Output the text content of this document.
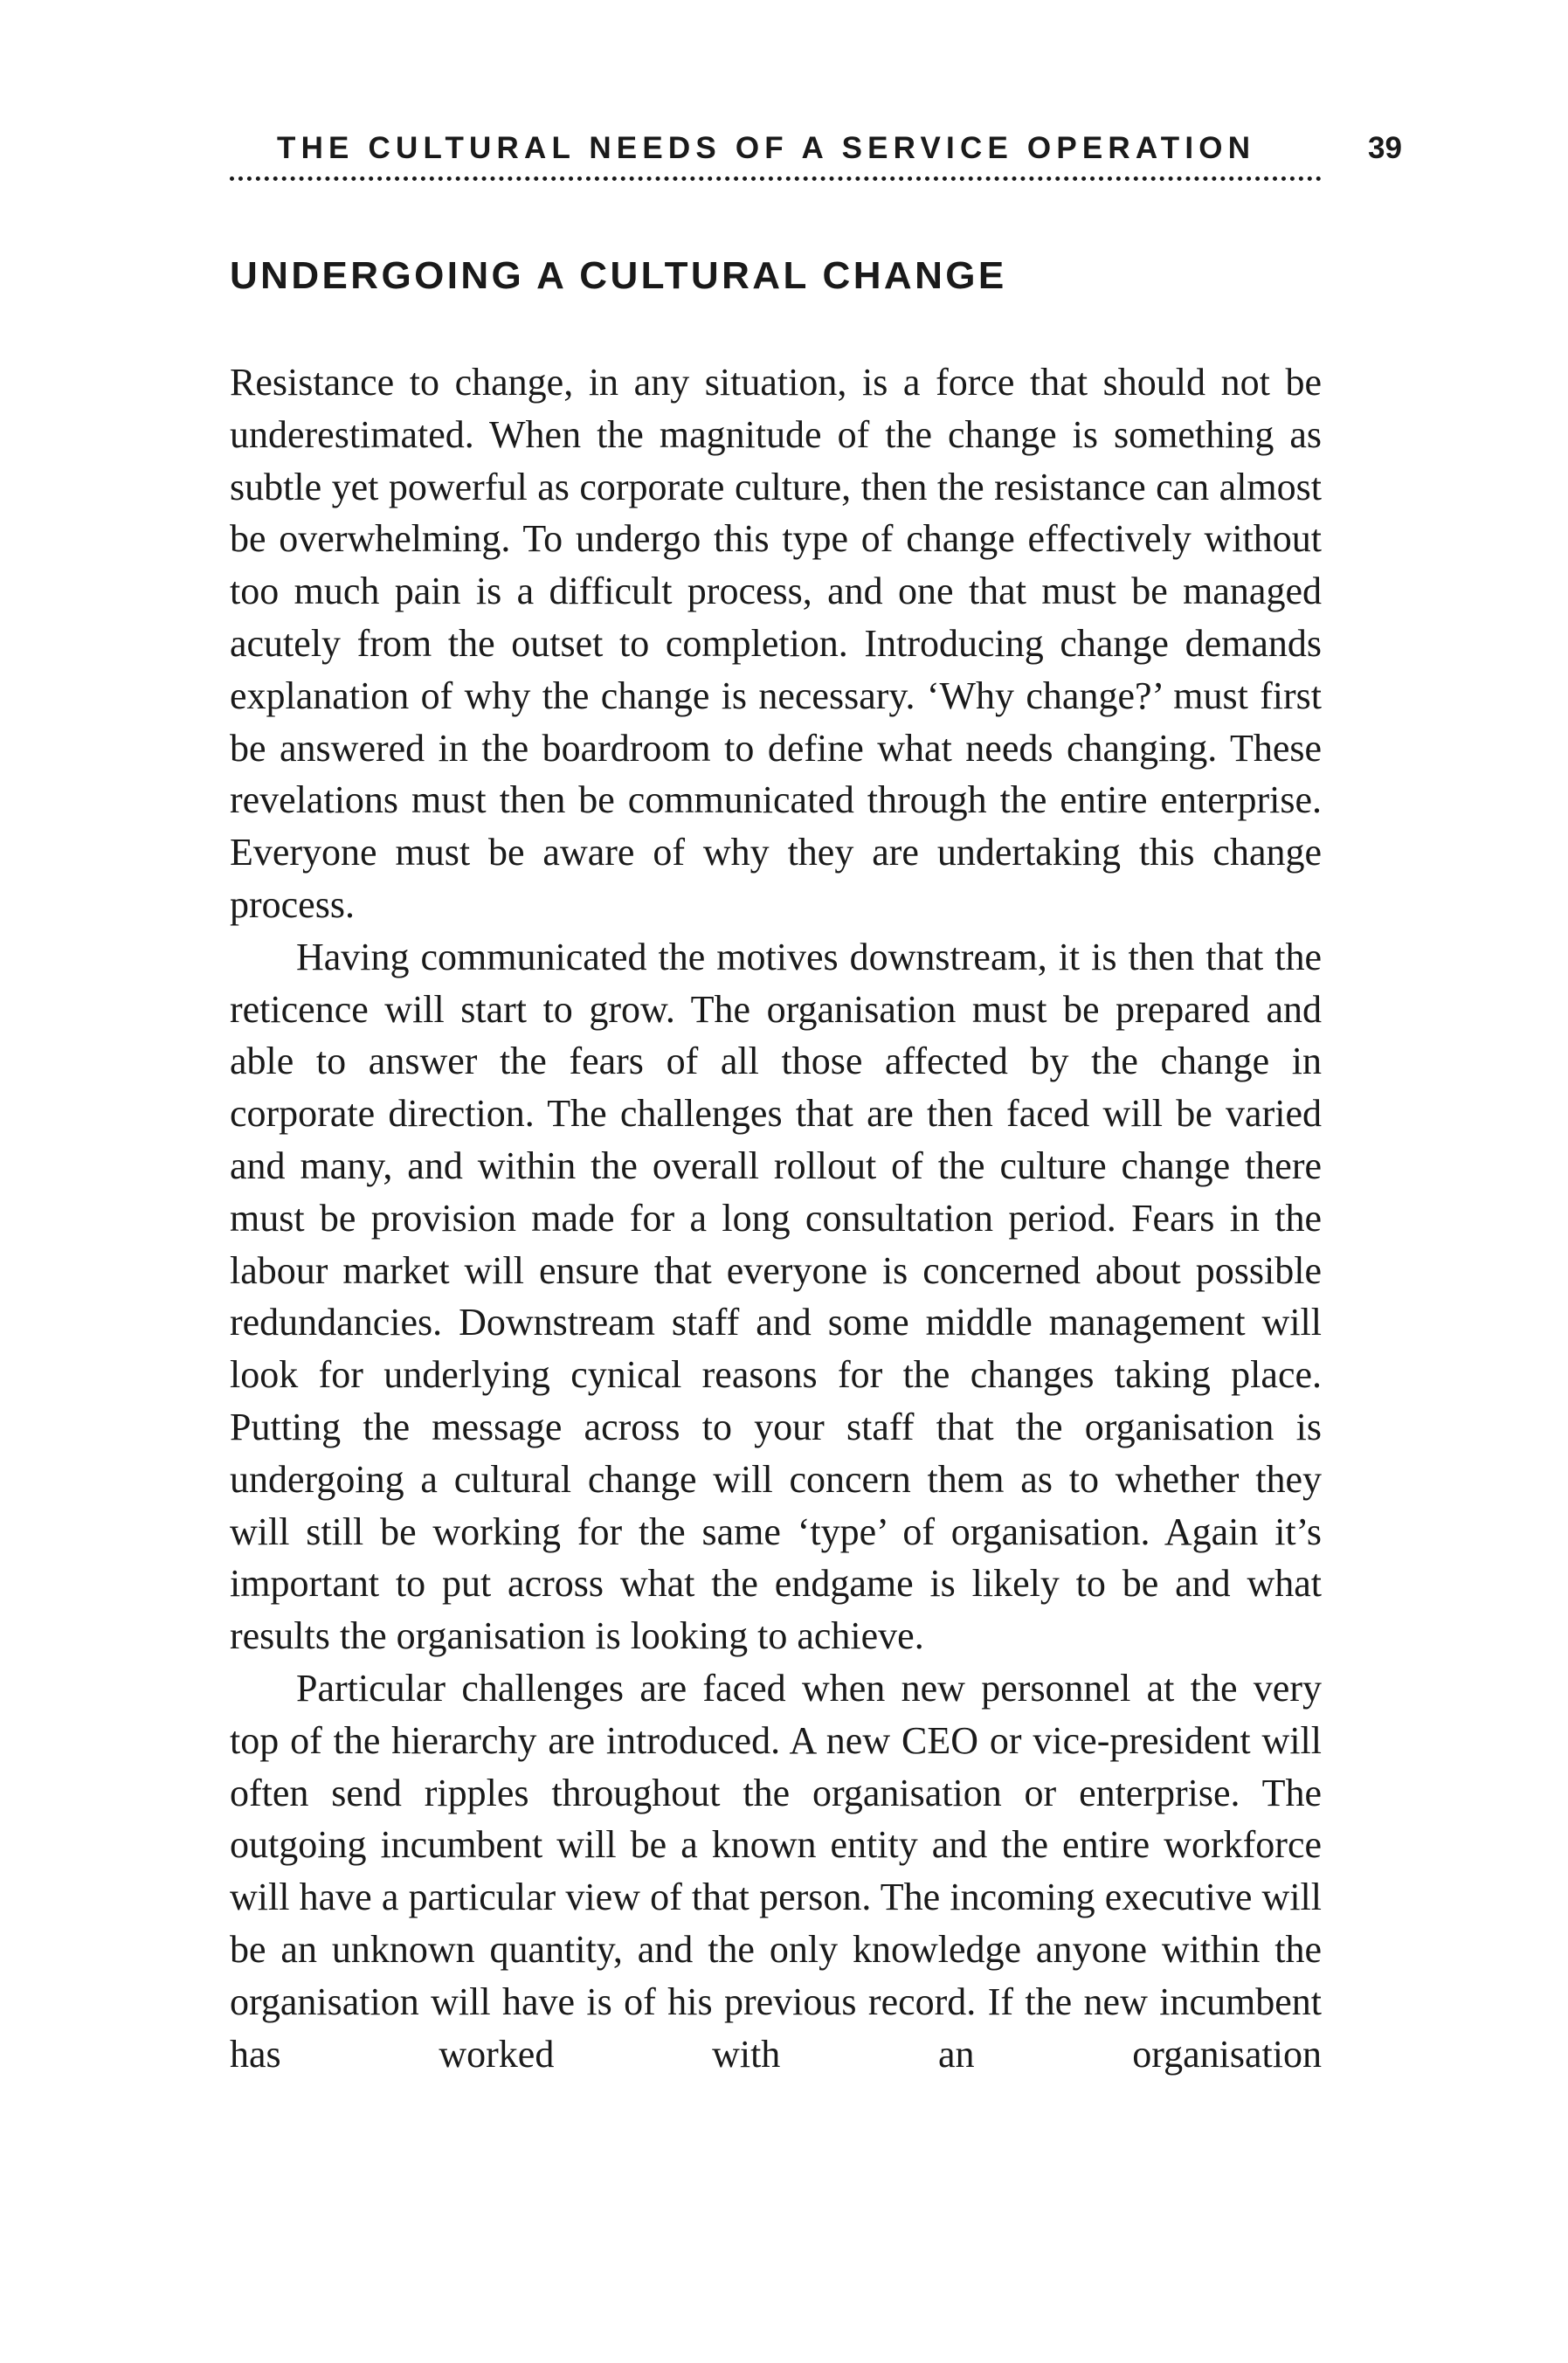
THE CULTURAL NEEDS OF A SERVICE OPERATION	39
UNDERGOING A CULTURAL CHANGE

Resistance to change, in any situation, is a force that should not be underestimated. When the magnitude of the change is something as subtle yet powerful as corporate culture, then the resistance can almost be overwhelming. To undergo this type of change effectively without too much pain is a difficult process, and one that must be managed acutely from the outset to completion. Introducing change demands explanation of why the change is necessary. ‘Why change?’ must first be answered in the boardroom to define what needs changing. These revelations must then be communicated through the entire enterprise. Everyone must be aware of why they are undertaking this change process.

Having communicated the motives downstream, it is then that the reticence will start to grow. The organisation must be prepared and able to answer the fears of all those affected by the change in corporate direction. The challenges that are then faced will be varied and many, and within the overall rollout of the culture change there must be provision made for a long consultation period. Fears in the labour market will ensure that everyone is concerned about possible redundancies. Downstream staff and some middle management will look for underlying cynical reasons for the changes taking place. Putting the message across to your staff that the organisation is undergoing a cultural change will concern them as to whether they will still be working for the same ‘type’ of organisation. Again it’s important to put across what the endgame is likely to be and what results the organisation is looking to achieve.

Particular challenges are faced when new personnel at the very top of the hierarchy are introduced. A new CEO or vice-president will often send ripples throughout the organisation or enterprise. The outgoing incumbent will be a known entity and the entire workforce will have a particular view of that person. The incoming executive will be an unknown quantity, and the only knowledge anyone within the organisation will have is of his previous record. If the new incumbent has worked with an organisation
